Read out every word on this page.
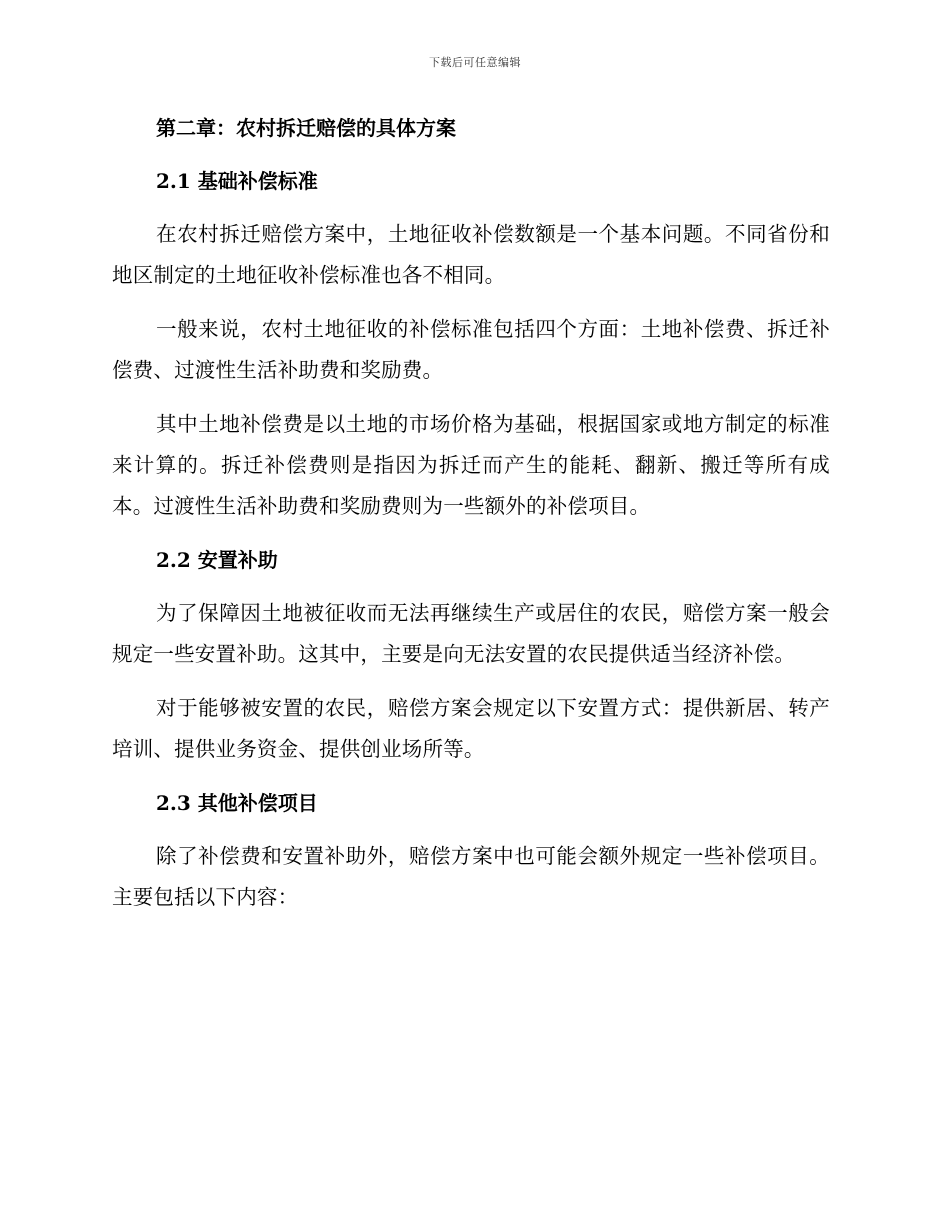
下载后可任意编辑
第二章：农村拆迁赔偿的具体方案
2.1 基础补偿标准

在农村拆迁赔偿方案中，土地征收补偿数额是一个基本问题。不同省份和地区制定的土地征收补偿标准也各不相同。

一般来说，农村土地征收的补偿标准包括四个方面：土地补偿费、拆迁补偿费、过渡性生活补助费和奖励费。

其中土地补偿费是以土地的市场价格为基础，根据国家或地方制定的标准来计算的。拆迁补偿费则是指因为拆迁而产生的能耗、翻新、搬迁等所有成本。过渡性生活补助费和奖励费则为一些额外的补偿项目。

2.2 安置补助

为了保障因土地被征收而无法再继续生产或居住的农民，赔偿方案一般会规定一些安置补助。这其中，主要是向无法安置的农民提供适当经济补偿。

对于能够被安置的农民，赔偿方案会规定以下安置方式：提供新居、转产培训、提供业务资金、提供创业场所等。

2.3 其他补偿项目

除了补偿费和安置补助外，赔偿方案中也可能会额外规定一些补偿项目。主要包括以下内容：
